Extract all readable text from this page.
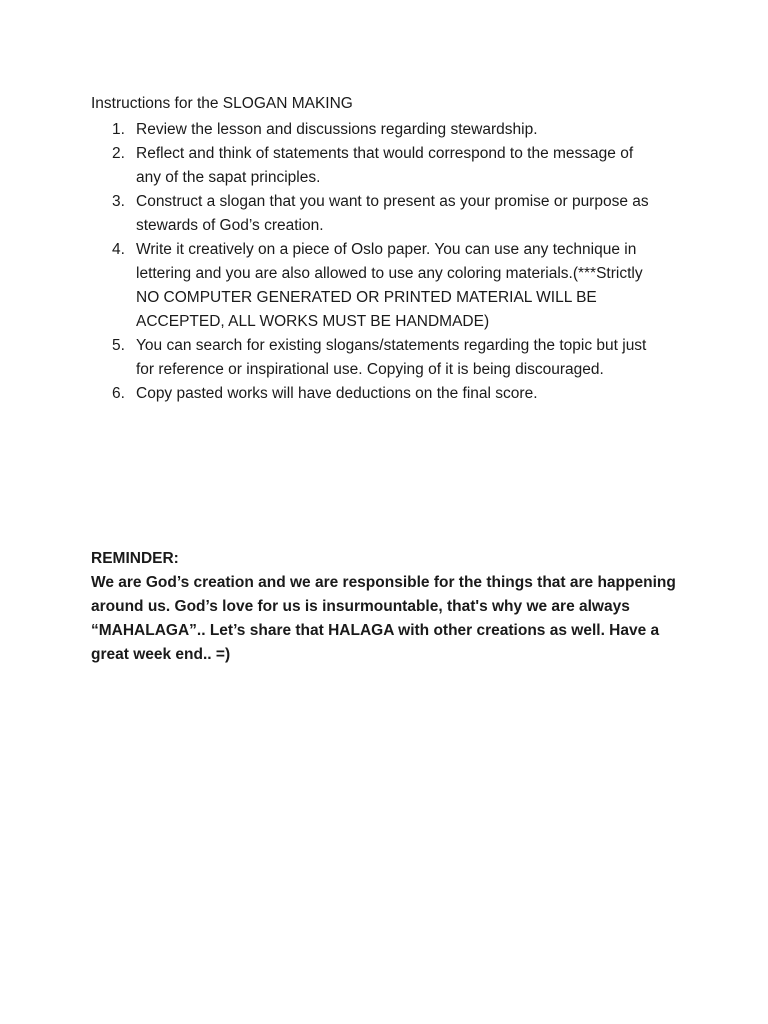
Instructions for the SLOGAN MAKING

1. Review the lesson and discussions regarding stewardship.
2. Reflect and think of statements that would correspond to the message of any of the sapat principles.
3. Construct a slogan that you want to present as your promise or purpose as stewards of God’s creation.
4. Write it creatively on a piece of Oslo paper. You can use any technique in lettering and you are also allowed to use any coloring materials.(***Strictly NO COMPUTER GENERATED OR PRINTED MATERIAL WILL BE ACCEPTED, ALL WORKS MUST BE HANDMADE)
5. You can search for existing slogans/statements regarding the topic but just for reference or inspirational use. Copying of it is being discouraged.
6. Copy pasted works will have deductions on the final score.
REMINDER:
We are God’s creation and we are responsible for the things that are happening around us. God’s love for us is insurmountable, that's why we are always “MAHALAGA”.. Let’s share that HALAGA with other creations as well. Have a great week end.. =)
